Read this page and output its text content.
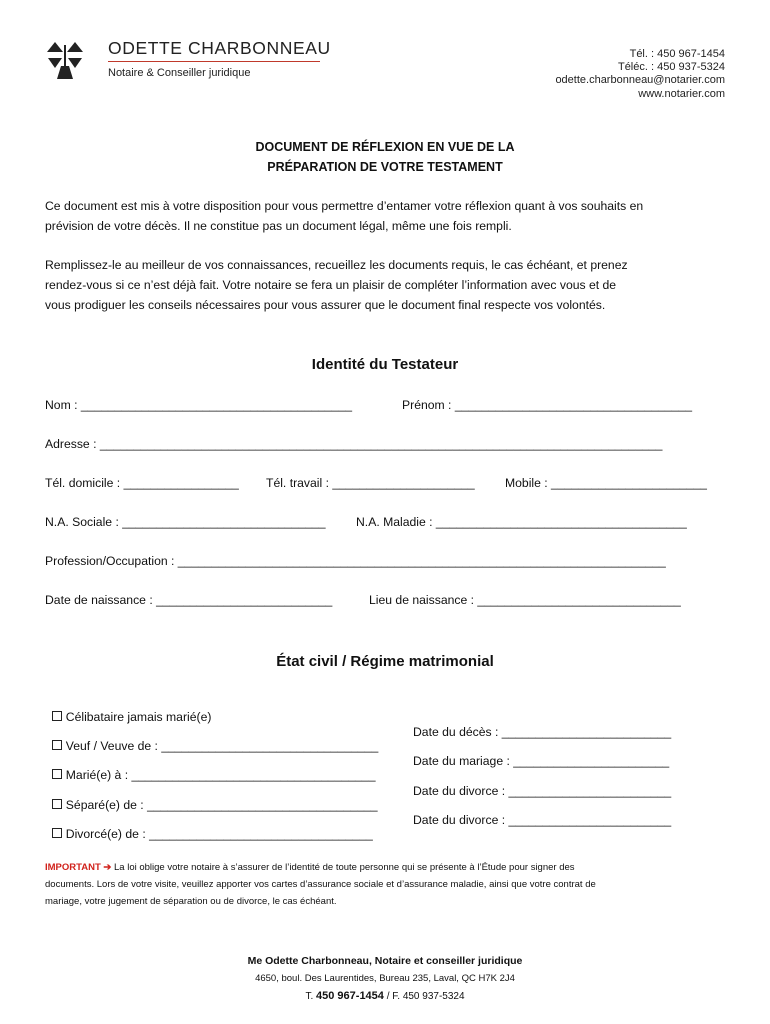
ODETTE CHARBONNEAU
Notaire & Conseiller juridique
Tél. : 450 967-1454
Téléc. : 450 937-5324
odette.charbonneau@notarier.com
www.notarier.com
DOCUMENT DE RÉFLEXION EN VUE DE LA
PRÉPARATION DE VOTRE TESTAMENT
Ce document est mis à votre disposition pour vous permettre d’entamer votre réflexion quant à vos souhaits en
prévision de votre décès. Il ne constitue pas un document légal, même une fois rempli.
Remplissez-le au meilleur de vos connaissances, recueillez les documents requis, le cas échéant, et prenez
rendez-vous si ce n’est déjà fait. Votre notaire se fera un plaisir de compléter l’information avec vous et de
vous prodiguer les conseils nécessaires pour vous assurer que le document final respecte vos volontés.
Identité du Testateur
Nom : ________________________________________	Prénom : ___________________________________
Adresse : ___________________________________________________________________________________
Tél. domicile : _________________ Tél. travail : _____________________ Mobile : _______________________
N.A. Sociale : ______________________________ N.A. Maladie : _____________________________________
Profession/Occupation : ________________________________________________________________________
Date de naissance : __________________________	Lieu de naissance : ______________________________
État civil / Régime matrimonial

Célibataire jamais marié(e)

Veuf / Veuve de : ________________________________

Date du décès : _________________________

Marié(e) à : ____________________________________

Date du mariage : _______________________

Séparé(e) de : __________________________________

Date du divorce : ________________________

Divorcé(e) de : _________________________________

Date du divorce : ________________________
IMPORTANT ➔ La loi oblige votre notaire à s’assurer de l’identité de toute personne qui se présente à l’Étude pour signer des
documents. Lors de votre visite, veuillez apporter vos cartes d’assurance sociale et d’assurance maladie, ainsi que votre contrat de
mariage, votre jugement de séparation ou de divorce, le cas échéant.
Me Odette Charbonneau, Notaire et conseiller juridique
4650, boul. Des Laurentides, Bureau 235, Laval, QC H7K 2J4
T. 450 967-1454 / F. 450 937-5324
